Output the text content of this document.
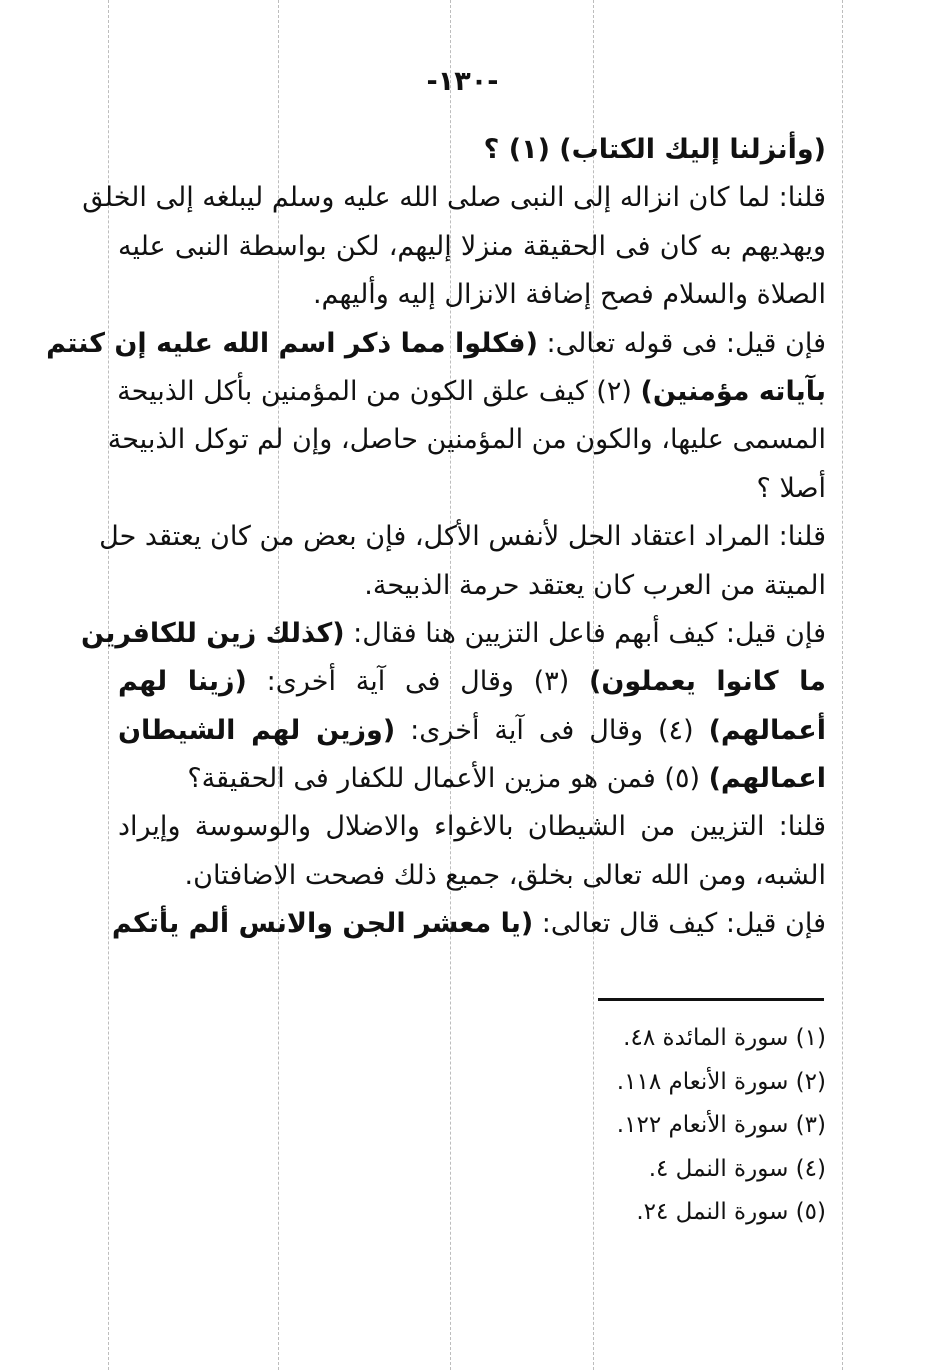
-١٣٠-
(وأنزلنا إليك الكتاب) (١) ؟
قلنا: لما كان انزاله إلى النبى صلى الله عليه وسلم ليبلغه إلى الخلق
ويهديهم به كان فى الحقيقة منزلا إليهم، لكن بواسطة النبى عليه
الصلاة والسلام فصح إضافة الانزال إليه وأليهم.
فإن قيل: فى قوله تعالى: (فكلوا مما ذكر اسم الله عليه إن كنتم
بآياته مؤمنين) (٢) كيف علق الكون من المؤمنين بأكل الذبيحة
المسمى عليها، والكون من المؤمنين حاصل، وإن لم توكل الذبيحة
أصلا ؟
قلنا: المراد اعتقاد الحل لأنفس الأكل، فإن بعض من كان يعتقد حل
الميتة من العرب كان يعتقد حرمة الذبيحة.
فإن قيل: كيف أبهم فاعل التزيين هنا فقال: (كذلك زين للكافرين
ما كانوا يعملون) (٣) وقال فى آية أخرى: (زينا لهم
أعمالهم) (٤) وقال فى آية أخرى: (وزين لهم الشيطان
اعمالهم) (٥) فمن هو مزين الأعمال للكفار فى الحقيقة؟
قلنا: التزيين من الشيطان بالاغواء والاضلال والوسوسة وإيراد
الشبه، ومن الله تعالى بخلق، جميع ذلك فصحت الاضافتان.
فإن قيل: كيف قال تعالى: (يا معشر الجن والانس ألم يأتكم
(١) سورة المائدة ٤٨.
(٢) سورة الأنعام ١١٨.
(٣) سورة الأنعام ١٢٢.
(٤) سورة النمل ٤.
(٥) سورة النمل ٢٤.
